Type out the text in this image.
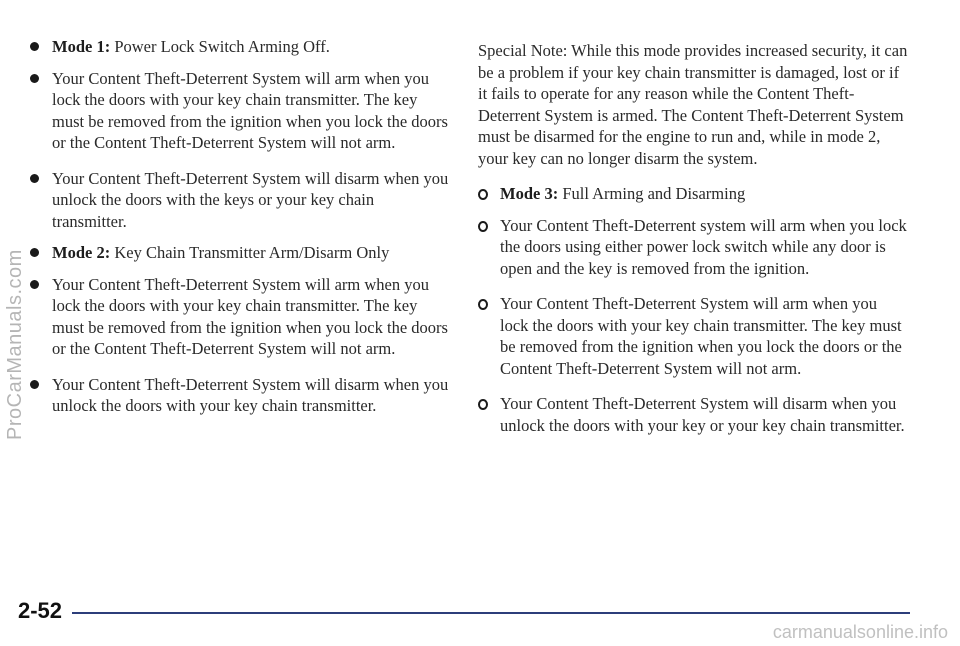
ProCarManuals.com
Mode 1: Power Lock Switch Arming Off.
Your Content Theft-Deterrent System will arm when you lock the doors with your key chain transmitter. The key must be removed from the ignition when you lock the doors or the Content Theft-Deterrent System will not arm.
Your Content Theft-Deterrent System will disarm when you unlock the doors with the keys or your key chain transmitter.
Mode 2: Key Chain Transmitter Arm/Disarm Only
Your Content Theft-Deterrent System will arm when you lock the doors with your key chain transmitter. The key must be removed from the ignition when you lock the doors or the Content Theft-Deterrent System will not arm.
Your Content Theft-Deterrent System will disarm when you unlock the doors with your key chain transmitter.
Special Note: While this mode provides increased security, it can be a problem if your key chain transmitter is damaged, lost or if it fails to operate for any reason while the Content Theft-Deterrent System is armed. The Content Theft-Deterrent System must be disarmed for the engine to run and, while in mode 2, your key can no longer disarm the system.
Mode 3: Full Arming and Disarming
Your Content Theft-Deterrent system will arm when you lock the doors using either power lock switch while any door is open and the key is removed from the ignition.
Your Content Theft-Deterrent System will arm when you lock the doors with your key chain transmitter. The key must be removed from the ignition when you lock the doors or the Content Theft-Deterrent System will not arm.
Your Content Theft-Deterrent System will disarm when you unlock the doors with your key or your key chain transmitter.
2-52
carmanualsonline.info
